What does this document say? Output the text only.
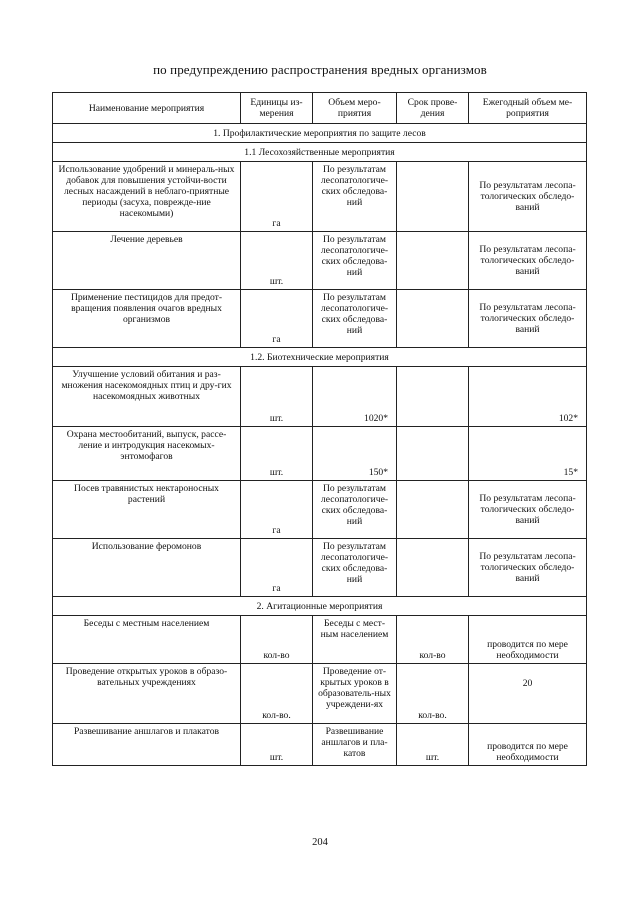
по предупреждению распространения вредных организмов
Наименование мероприятия	Единицы из-мерения	Объем меро-приятия	Срок прове-дения	Ежегодный объем ме-роприятия
1. Профилактические мероприятия по защите лесов				
1.1 Лесохозяйственные мероприятия				
Использование удобрений и минераль-ных добавок для повышения устойчи-вости лесных насаждений в неблаго-приятные периоды (засуха, поврежде-ние насекомыми)	га	По результатам лесопатологиче-ских обследова-ний		По результатам лесопа-тологических обследо-ваний
Лечение деревьев	шт.	По результатам лесопатологиче-ских обследова-ний		По результатам лесопа-тологических обследо-ваний
Применение пестицидов для предот-вращения появления очагов вредных организмов	га	По результатам лесопатологиче-ских обследова-ний		По результатам лесопа-тологических обследо-ваний
1.2. Биотехнические мероприятия				
Улучшение условий обитания и раз-множения насекомоядных птиц и дру-гих насекомоядных животных	шт.	1020*		102*
Охрана местообитаний, выпуск, рассе-ление и интродукция насекомых-энтомофагов	шт.	150*		15*
Посев травянистых нектароносных растений	га	По результатам лесопатологиче-ских обследова-ний		По результатам лесопа-тологических обследо-ваний
Использование феромонов	га	По результатам лесопатологиче-ских обследова-ний		По результатам лесопа-тологических обследо-ваний
2. Агитационные мероприятия				
Беседы с местным населением	кол-во	Беседы с мест-ным населением	кол-во	проводится по мере необходимости
Проведение открытых уроков в образо-вательных учреждениях	кол-во.	Проведение от-крытых уроков в образователь-ных учреждени-ях	кол-во.	20
Развешивание аншлагов и плакатов	шт.	Развешивание аншлагов и пла-катов	шт.	проводится по мере необходимости
204
